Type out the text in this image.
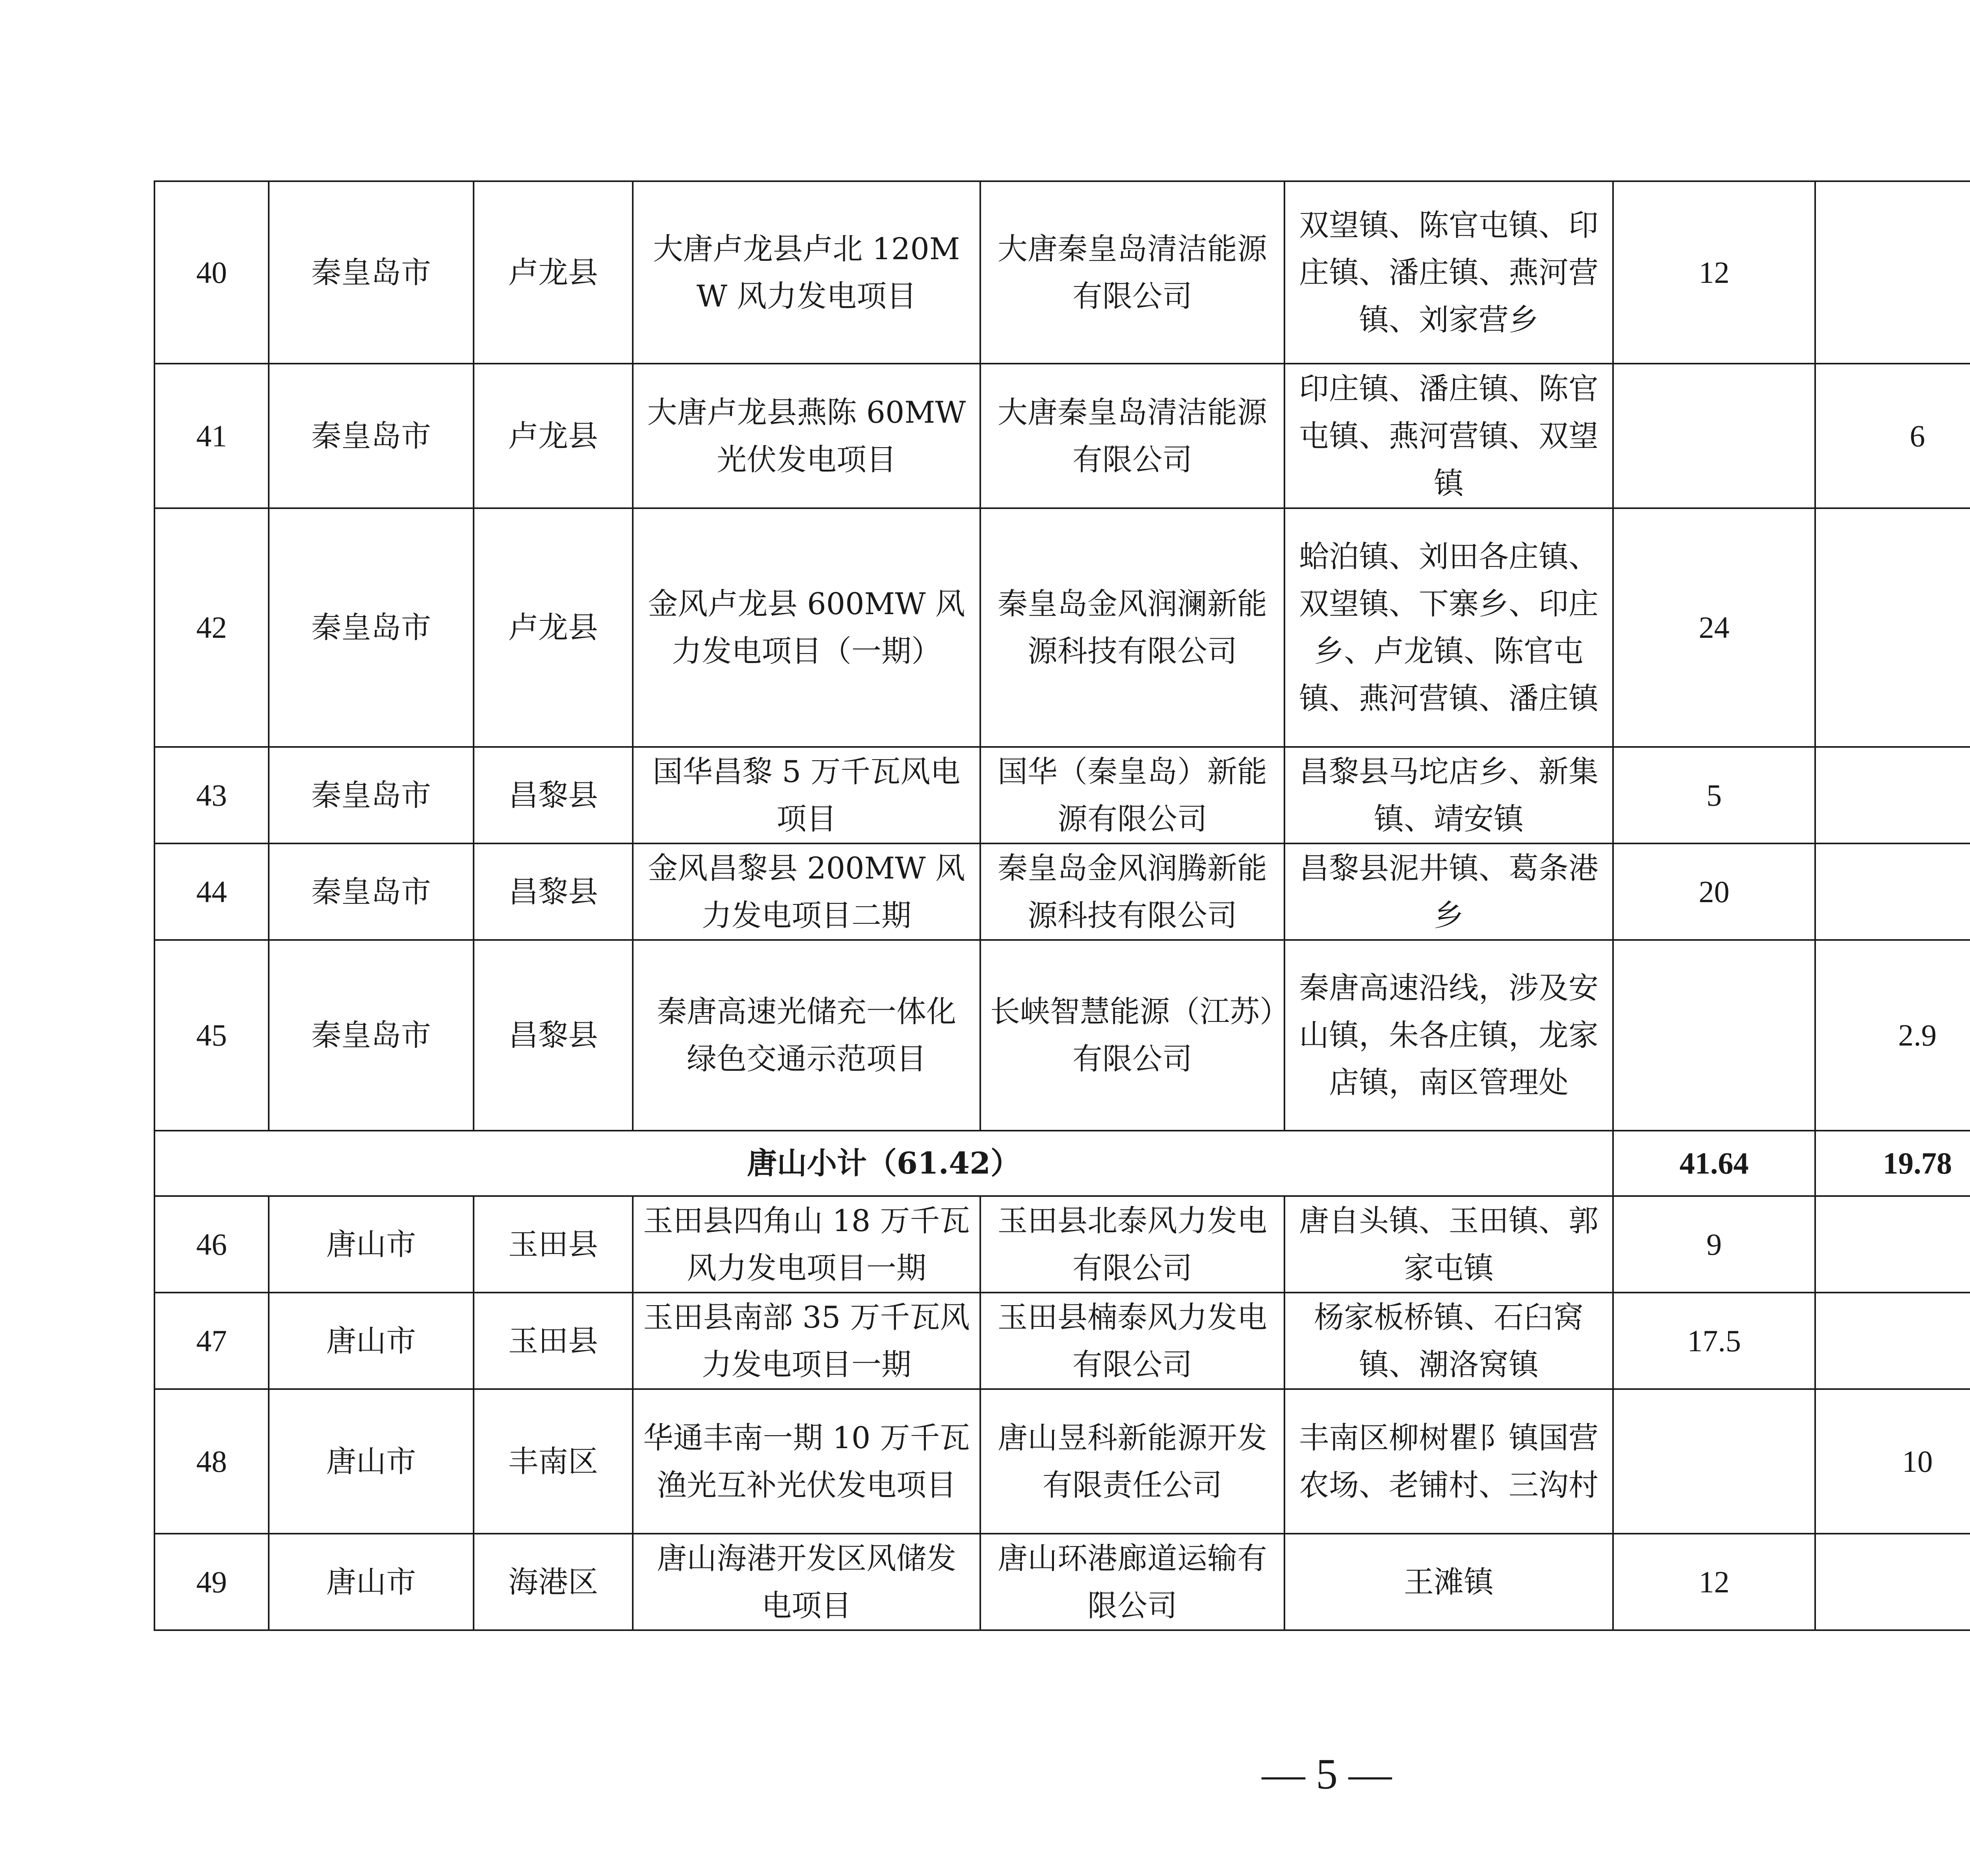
40	秦皇岛市	卢龙县	大唐卢龙县卢北 120MW 风力发电项目	大唐秦皇岛清洁能源有限公司	双望镇、陈官屯镇、印庄镇、潘庄镇、燕河营镇、刘家营乡	12			
41	秦皇岛市	卢龙县	大唐卢龙县燕陈 60MW 光伏发电项目	大唐秦皇岛清洁能源有限公司	印庄镇、潘庄镇、陈官屯镇、燕河营镇、双望镇		6		
42	秦皇岛市	卢龙县	金风卢龙县 600MW 风力发电项目（一期）	秦皇岛金风润澜新能源科技有限公司	蛤泊镇、刘田各庄镇、双望镇、下寨乡、印庄乡、卢龙镇、陈官屯镇、燕河营镇、潘庄镇	24			
43	秦皇岛市	昌黎县	国华昌黎 5 万千瓦风电项目	国华（秦皇岛）新能源有限公司	昌黎县马坨店乡、新集镇、靖安镇	5			
44	秦皇岛市	昌黎县	金风昌黎县 200MW 风力发电项目二期	秦皇岛金风润腾新能源科技有限公司	昌黎县泥井镇、葛条港乡	20			
45	秦皇岛市	昌黎县	秦唐高速光储充一体化绿色交通示范项目	长峡智慧能源（江苏）有限公司	秦唐高速沿线，涉及安山镇，朱各庄镇，龙家店镇，南区管理处		2.9		
唐山小计（61.42）						41.64	19.78		
46	唐山市	玉田县	玉田县四角山 18 万千瓦风力发电项目一期	玉田县北泰风力发电有限公司	唐自头镇、玉田镇、郭家屯镇	9			
47	唐山市	玉田县	玉田县南部 35 万千瓦风力发电项目一期	玉田县楠泰风力发电有限公司	杨家板桥镇、石臼窝镇、潮洛窝镇	17.5			
48	唐山市	丰南区	华通丰南一期 10 万千瓦渔光互补光伏发电项目	唐山昱科新能源开发有限责任公司	丰南区柳树瞿阝镇国营农场、老铺村、三沟村		10		
49	唐山市	海港区	唐山海港开发区风储发电项目	唐山环港廊道运输有限公司	王滩镇	12			
— 5 —
